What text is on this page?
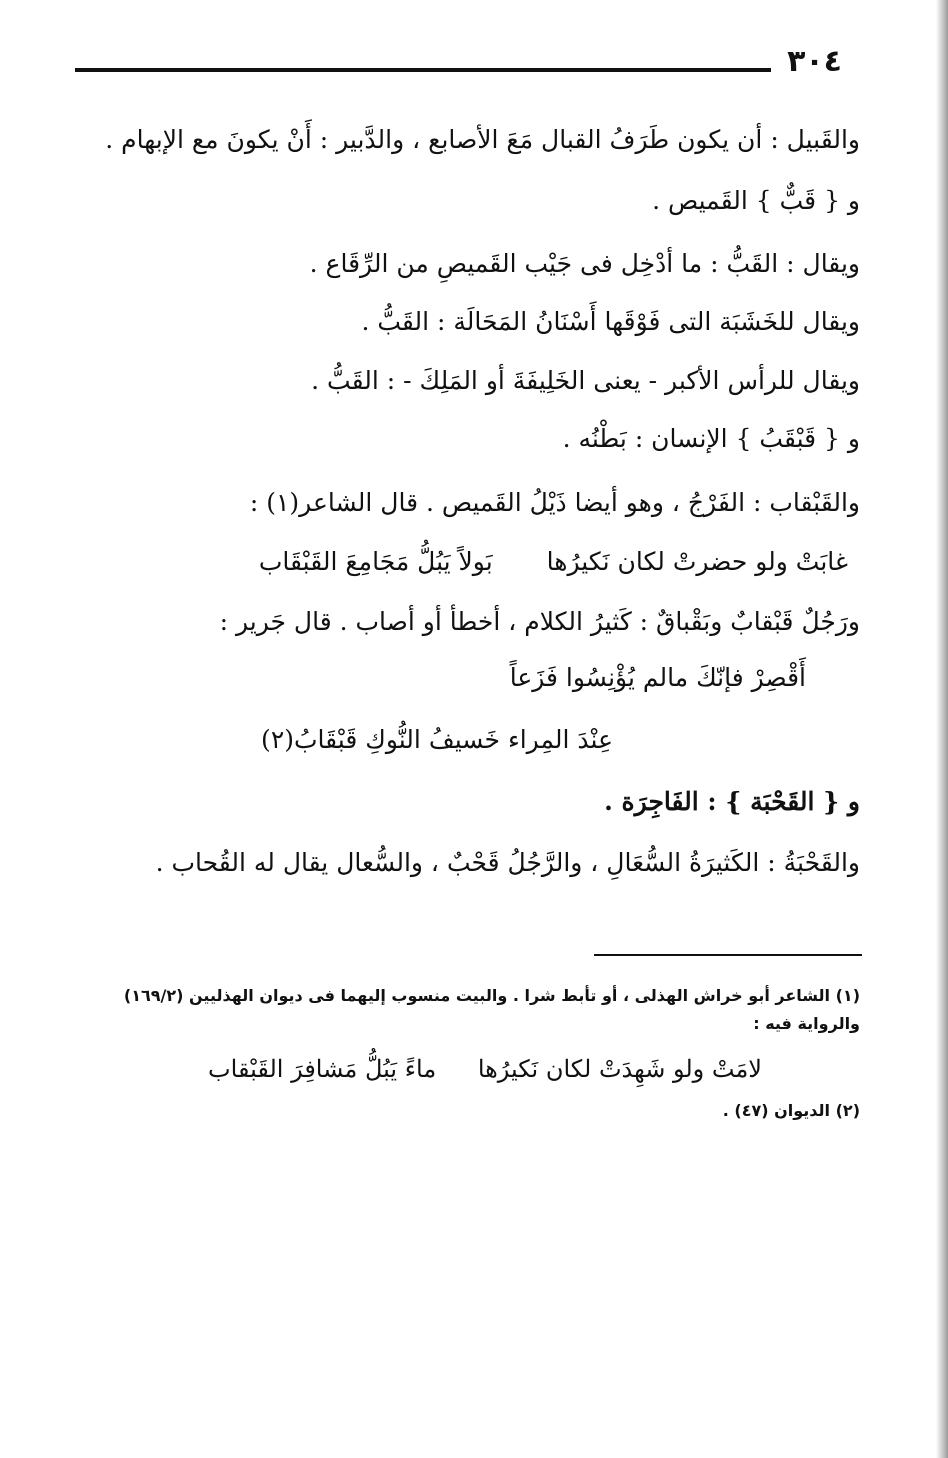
٣٠٤
والقَبيل : أن يكون طَرَفُ القبال مَعَ الأصابع ، والدَّبير : أَنْ يكونَ مع الإبهام .
و { قَبٌّ } القَميص .
ويقال : القَبُّ : ما أدْخِل فى جَيْب القَميصِ من الرِّقَاع .
ويقال للخَشَبَة التى فَوْقَها أَسْنَانُ المَحَالَة : القَبُّ .
ويقال للرأس الأكبر - يعنى الخَلِيفَةَ أو المَلِكَ - : القَبُّ .
و { قَبْقَبُ } الإنسان : بَطْنُه .
والقَبْقاب : الفَرْجُ ، وهو أيضا ذَيْلُ القَميص . قال الشاعر(١) :
غابَتْ ولو حضرتْ لكان نَكيرُها بَولاً يَبُلُّ مَجَامِعَ القَبْقَاب
ورَجُلٌ قَبْقابٌ وبَقْباقٌ : كَثيرُ الكلام ، أخطأ أو أصاب . قال جَرير :
أَقْصِرْ فإنّكَ مالم يُؤْنِسُوا فَزَعاً
عِنْدَ المِراء خَسيفُ النُّوكِ قَبْقَابُ(٢)
و { القَحْبَة } : الفَاجِرَة .
والقَحْبَةُ : الكَثيرَةُ السُّعَالِ ، والرَّجُلُ قَحْبٌ ، والسُّعال يقال له القُحاب .
(١) الشاعر أبو خراش الهذلى ، أو تأبط شرا . والبيت منسوب إليهما فى ديوان الهذليين (١٦٩/٢)
والرواية فيه :
لامَتْ ولو شَهِدَتْ لكان نَكيرُها ماءً يَبُلُّ مَشافِرَ القَبْقاب
(٢) الديوان (٤٧) .
